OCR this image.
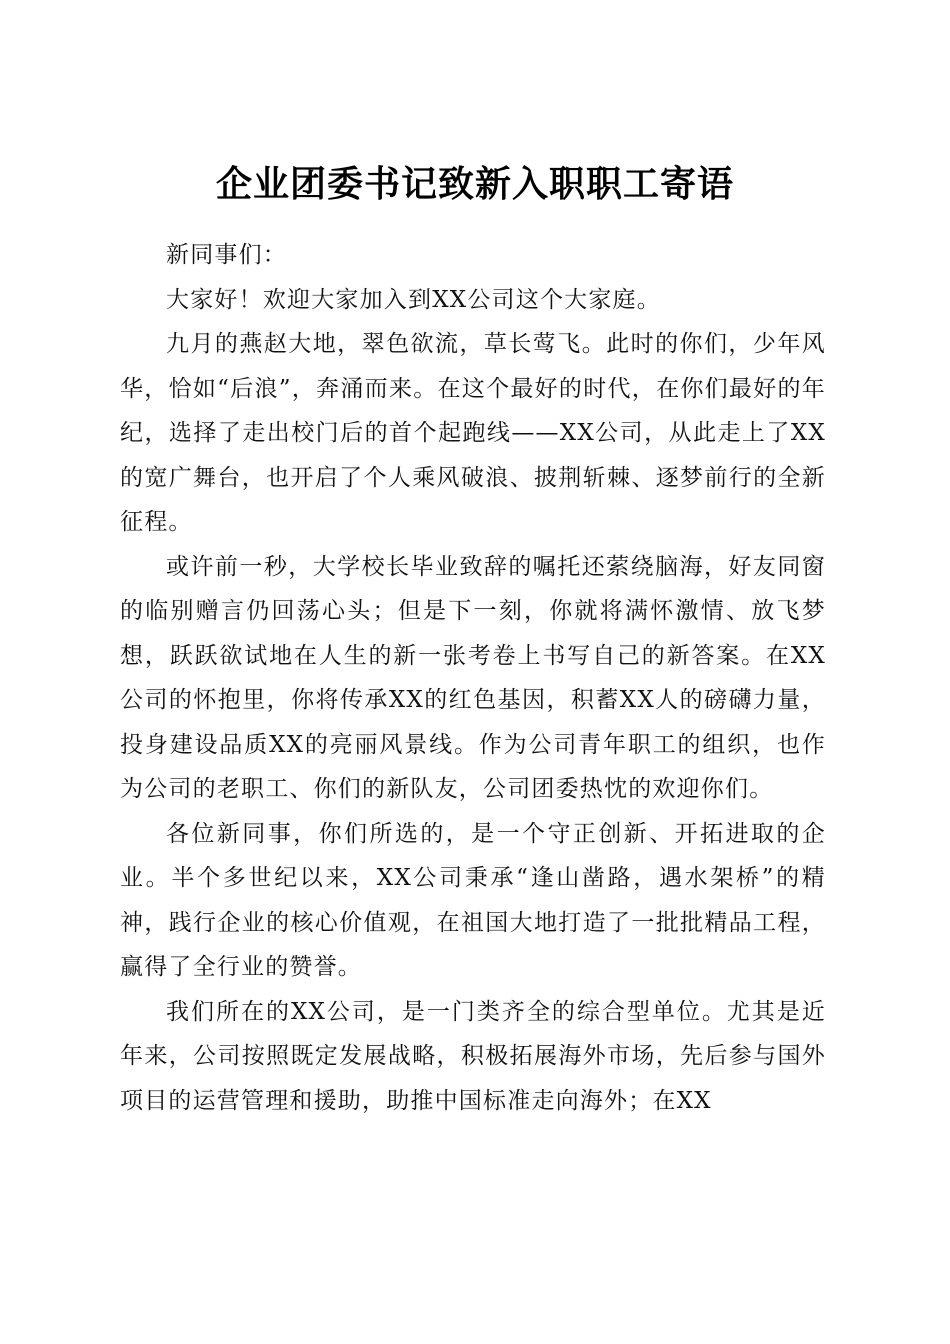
企业团委书记致新入职职工寄语

新同事们：

大家好！欢迎大家加入到XX公司这个大家庭。

九月的燕赵大地，翠色欲流，草长莺飞。此时的你们，少年风华，恰如“后浪”，奔涌而来。在这个最好的时代，在你们最好的年纪，选择了走出校门后的首个起跑线——XX公司，从此走上了XX的宽广舞台，也开启了个人乘风破浪、披荆斩棘、逐梦前行的全新征程。

或许前一秒，大学校长毕业致辞的嘱托还萦绕脑海，好友同窗的临别赠言仍回荡心头；但是下一刻，你就将满怀激情、放飞梦想，跃跃欲试地在人生的新一张考卷上书写自己的新答案。在XX公司的怀抱里，你将传承XX的红色基因，积蓄XX人的磅礴力量，投身建设品质XX的亮丽风景线。作为公司青年职工的组织，也作为公司的老职工、你们的新队友，公司团委热忱的欢迎你们。

各位新同事，你们所选的，是一个守正创新、开拓进取的企业。半个多世纪以来，XX公司秉承“逢山凿路，遇水架桥”的精神，践行企业的核心价值观，在祖国大地打造了一批批精品工程，赢得了全行业的赞誉。

我们所在的XX公司，是一门类齐全的综合型单位。尤其是近年来，公司按照既定发展战略，积极拓展海外市场，先后参与国外项目的运营管理和援助，助推中国标准走向海外；在XX
